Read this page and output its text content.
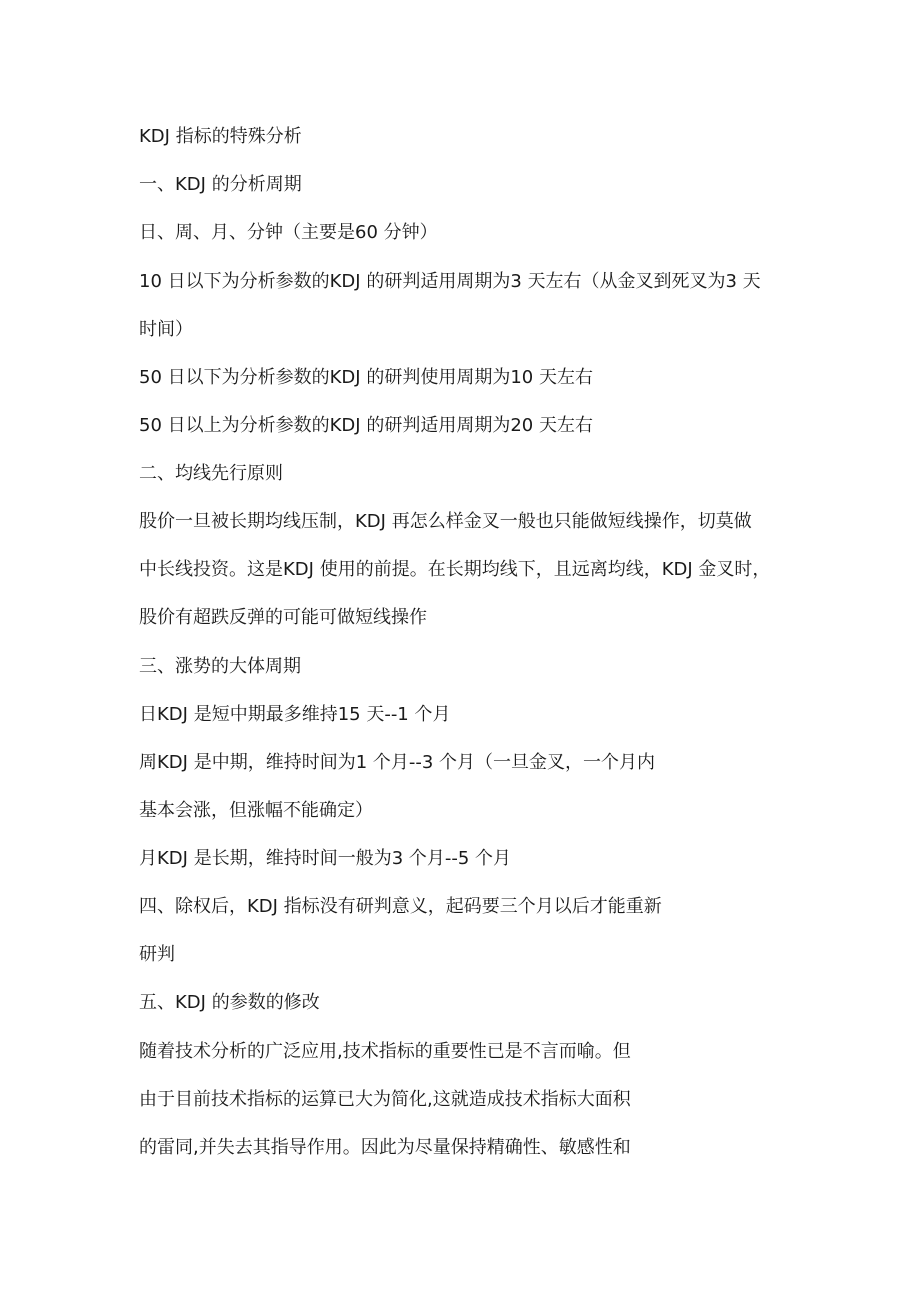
KDJ 指标的特殊分析
一、KDJ 的分析周期
日、周、月、分钟（主要是60 分钟）
10 日以下为分析参数的KDJ 的研判适用周期为3 天左右（从金叉到死叉为3 天
时间）
50 日以下为分析参数的KDJ 的研判使用周期为10 天左右
50 日以上为分析参数的KDJ 的研判适用周期为20 天左右
二、均线先行原则
股价一旦被长期均线压制，KDJ 再怎么样金叉一般也只能做短线操作，切莫做
中长线投资。这是KDJ 使用的前提。在长期均线下，且远离均线，KDJ 金叉时，
股价有超跌反弹的可能可做短线操作
三、涨势的大体周期
日KDJ 是短中期最多维持15 天--1 个月
周KDJ 是中期，维持时间为1 个月--3 个月（一旦金叉，一个月内
基本会涨，但涨幅不能确定）
月KDJ 是长期，维持时间一般为3 个月--5 个月
四、除权后，KDJ 指标没有研判意义，起码要三个月以后才能重新
研判
五、KDJ 的参数的修改
随着技术分析的广泛应用,技术指标的重要性已是不言而喻。但
由于目前技术指标的运算已大为简化,这就造成技术指标大面积
的雷同,并失去其指导作用。因此为尽量保持精确性、敏感性和
